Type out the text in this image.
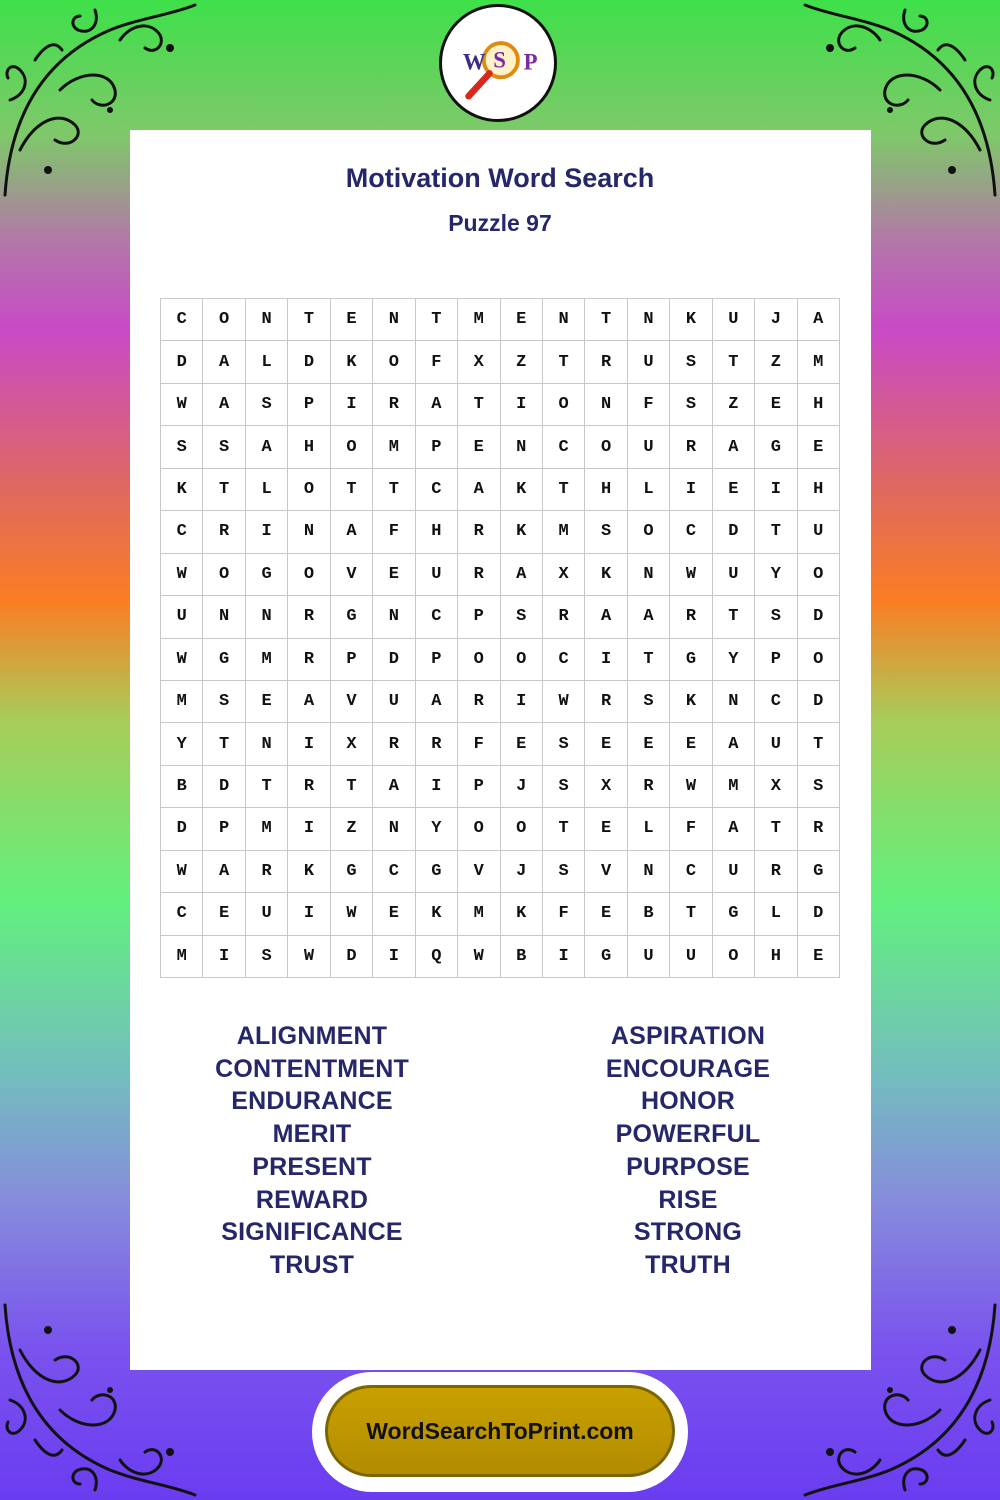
W S P
Motivation Word Search
Puzzle 97
C	O	N	T	E	N	T	M	E	N	T	N	K	U	J	A
D	A	L	D	K	O	F	X	Z	T	R	U	S	T	Z	M
W	A	S	P	I	R	A	T	I	O	N	F	S	Z	E	H
S	S	A	H	O	M	P	E	N	C	O	U	R	A	G	E
K	T	L	O	T	T	C	A	K	T	H	L	I	E	I	H
C	R	I	N	A	F	H	R	K	M	S	O	C	D	T	U
W	O	G	O	V	E	U	R	A	X	K	N	W	U	Y	O
U	N	N	R	G	N	C	P	S	R	A	A	R	T	S	D
W	G	M	R	P	D	P	O	O	C	I	T	G	Y	P	O
M	S	E	A	V	U	A	R	I	W	R	S	K	N	C	D
Y	T	N	I	X	R	R	F	E	S	E	E	E	A	U	T
B	D	T	R	T	A	I	P	J	S	X	R	W	M	X	S
D	P	M	I	Z	N	Y	O	O	T	E	L	F	A	T	R
W	A	R	K	G	C	G	V	J	S	V	N	C	U	R	G
C	E	U	I	W	E	K	M	K	F	E	B	T	G	L	D
M	I	S	W	D	I	Q	W	B	I	G	U	U	O	H	E
ALIGNMENT
CONTENTMENT
ENDURANCE
MERIT
PRESENT
REWARD
SIGNIFICANCE
TRUST
ASPIRATION
ENCOURAGE
HONOR
POWERFUL
PURPOSE
RISE
STRONG
TRUTH
WordSearchToPrint.com
